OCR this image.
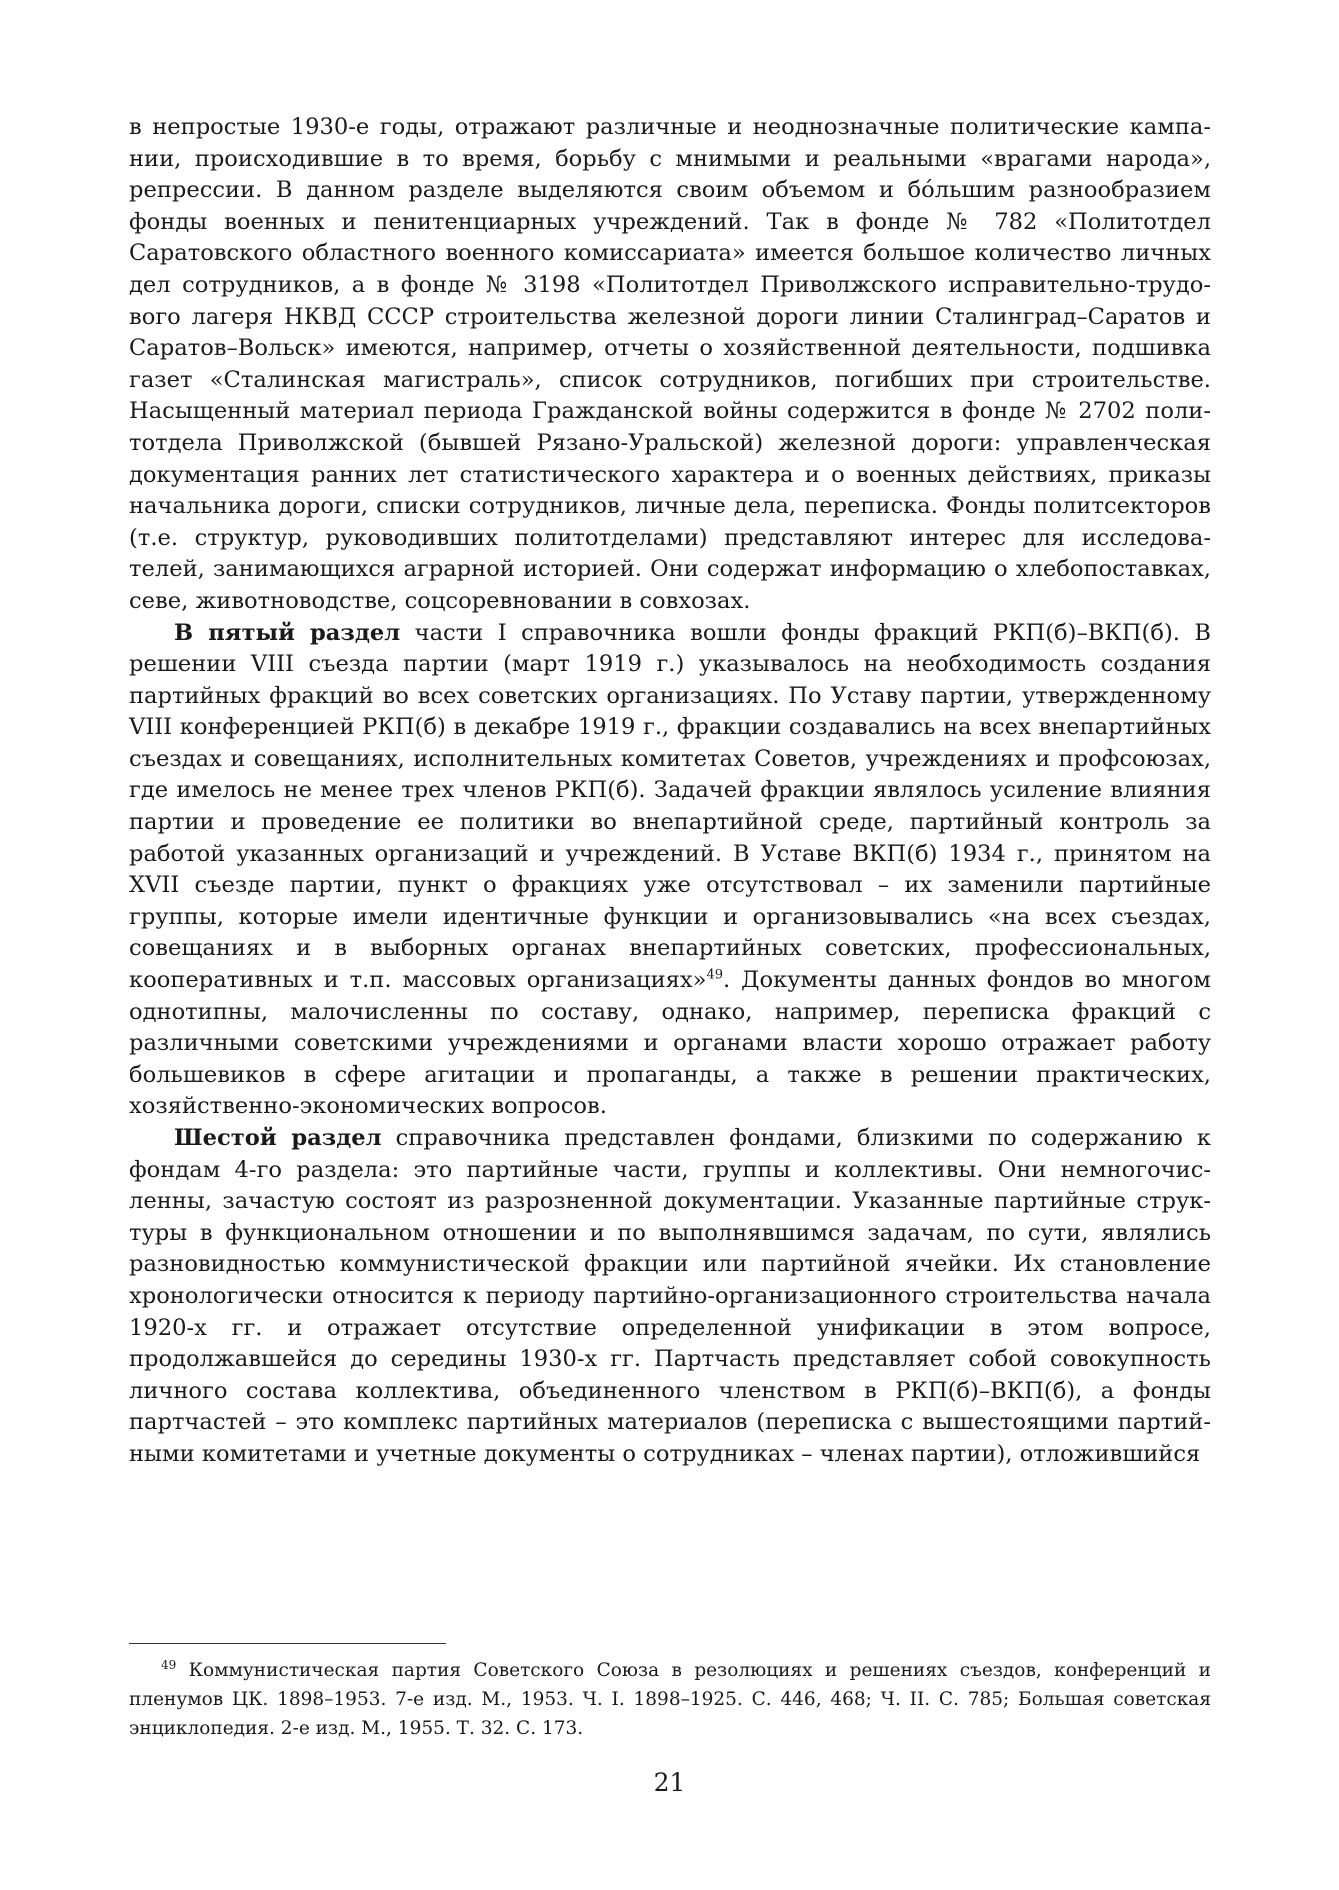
в непростые 1930-е годы, отражают различные и неоднозначные политические кампании, происходившие в то время, борьбу с мнимыми и реальными «врагами народа», репрессии. В данном разделе выделяются своим объемом и бóльшим разнообразием фонды военных и пенитенциарных учреждений. Так в фонде № 782 «Политотдел Саратовского областного военного комиссариата» имеется большое количество личных дел сотрудников, а в фонде № 3198 «Политотдел Приволжского исправительно-трудового лагеря НКВД СССР строительства железной дороги линии Сталинград–Саратов и Саратов–Вольск» имеются, например, отчеты о хозяйственной деятельности, подшивка газет «Сталинская магистраль», список сотрудников, погибших при строительстве. Насыщенный материал периода Гражданской войны содержится в фонде № 2702 политотдела Приволжской (бывшей Рязано-Уральской) железной дороги: управленческая документация ранних лет статистического характера и о военных действиях, приказы начальника дороги, списки сотрудников, личные дела, переписка. Фонды политсекторов (т.е. структур, руководивших политотделами) представляют интерес для исследователей, занимающихся аграрной историей. Они содержат информацию о хлебопоставках, севе, животноводстве, соцсоревновании в совхозах.

В пятый раздел части I справочника вошли фонды фракций РКП(б)–ВКП(б). В решении VIII съезда партии (март 1919 г.) указывалось на необходимость создания партийных фракций во всех советских организациях. По Уставу партии, утвержденному VIII конференцией РКП(б) в декабре 1919 г., фракции создавались на всех внепартийных съездах и совещаниях, исполнительных комитетах Советов, учреждениях и профсоюзах, где имелось не менее трех членов РКП(б). Задачей фракции являлось усиление влияния партии и проведение ее политики во внепартийной среде, партийный контроль за работой указанных организаций и учреждений. В Уставе ВКП(б) 1934 г., принятом на XVII съезде партии, пункт о фракциях уже отсутствовал – их заменили партийные группы, которые имели идентичные функции и организовывались «на всех съездах, совещаниях и в выборных органах внепартийных советских, профессиональных, кооперативных и т.п. массовых организациях»$^{49}$. Документы данных фондов во многом однотипны, малочисленны по составу, однако, например, переписка фракций с различными советскими учреждениями и органами власти хорошо отражает работу большевиков в сфере агитации и пропаганды, а также в решении практических, хозяйственно-экономических вопросов.

Шестой раздел справочника представлен фондами, близкими по содержанию к фондам 4-го раздела: это партийные части, группы и коллективы. Они немногочисленны, зачастую состоят из разрозненной документации. Указанные партийные структуры в функциональном отношении и по выполнявшимся задачам, по сути, являлись разновидностью коммунистической фракции или партийной ячейки. Их становление хронологически относится к периоду партийно-организационного строительства начала 1920-х гг. и отражает отсутствие определенной унификации в этом вопросе, продолжавшейся до середины 1930-х гг. Партчасть представляет собой совокупность личного состава коллектива, объединенного членством в РКП(б)–ВКП(б), а фонды партчастей – это комплекс партийных материалов (переписка с вышестоящими партийными комитетами и учетные документы о сотрудниках – членах партии), отложившийся

$^{49}$ Коммунистическая партия Советского Союза в резолюциях и решениях съездов, конференций и пленумов ЦК. 1898–1953. 7-е изд. М., 1953. Ч. I. 1898–1925. С. 446, 468; Ч. II. С. 785; Большая советская энциклопедия. 2-е изд. М., 1955. Т. 32. С. 173.

21
